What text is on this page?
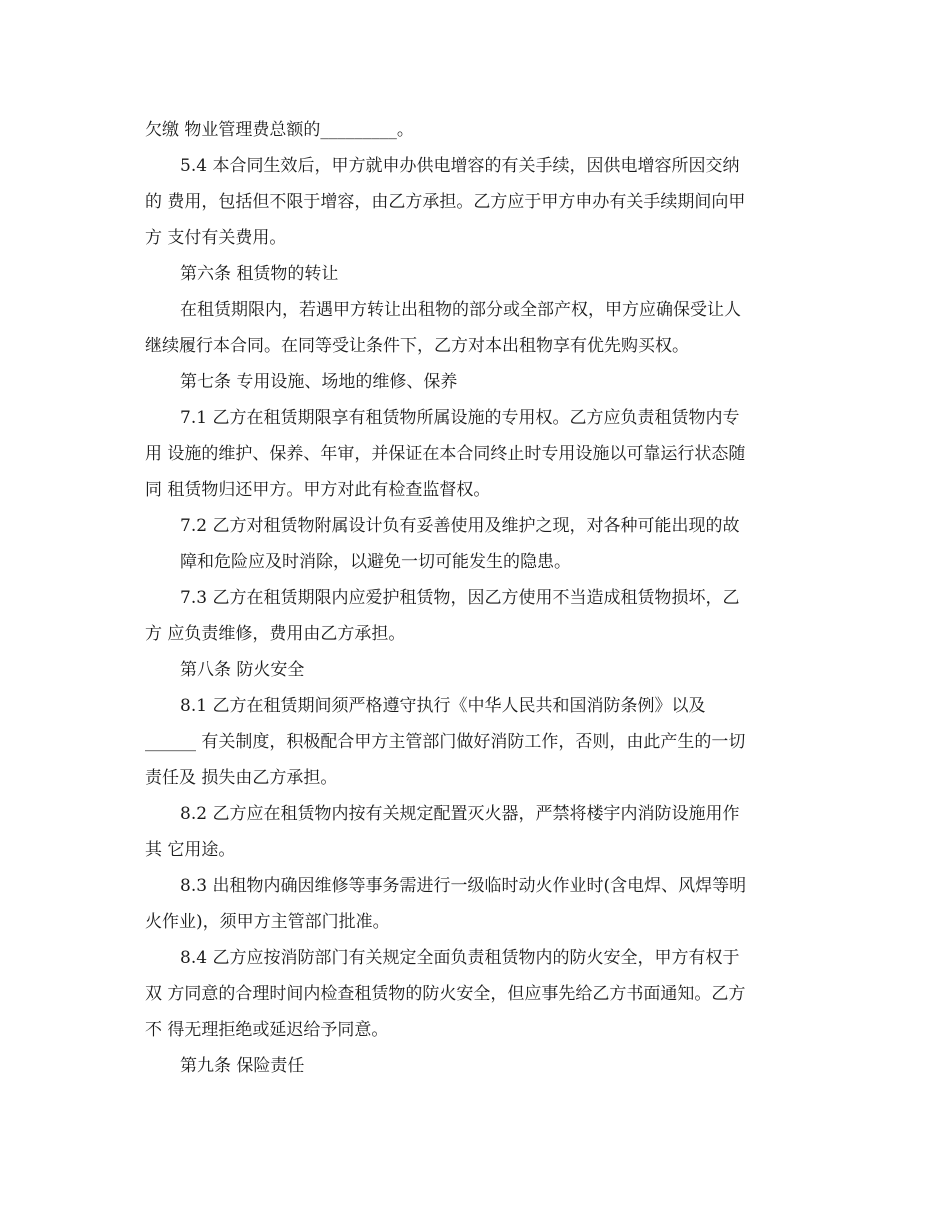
欠缴 物业管理费总额的_________。
5.4 本合同生效后，甲方就申办供电增容的有关手续，因供电增容所因交纳
的 费用，包括但不限于增容，由乙方承担。乙方应于甲方申办有关手续期间向甲
方 支付有关费用。
第六条 租赁物的转让
在租赁期限内，若遇甲方转让出租物的部分或全部产权，甲方应确保受让人
继续履行本合同。在同等受让条件下，乙方对本出租物享有优先购买权。
第七条 专用设施、场地的维修、保养
7.1 乙方在租赁期限享有租赁物所属设施的专用权。乙方应负责租赁物内专
用 设施的维护、保养、年审，并保证在本合同终止时专用设施以可靠运行状态随
同 租赁物归还甲方。甲方对此有检查监督权。
7.2 乙方对租赁物附属设计负有妥善使用及维护之现，对各种可能出现的故
障和危险应及时消除，以避免一切可能发生的隐患。
7.3 乙方在租赁期限内应爱护租赁物，因乙方使用不当造成租赁物损坏，乙
方 应负责维修，费用由乙方承担。
第八条 防火安全
8.1 乙方在租赁期间须严格遵守执行《中华人民共和国消防条例》以及
______ 有关制度，积极配合甲方主管部门做好消防工作，否则，由此产生的一切
责任及 损失由乙方承担。
8.2 乙方应在租赁物内按有关规定配置灭火器，严禁将楼宇内消防设施用作
其 它用途。
8.3 出租物内确因维修等事务需进行一级临时动火作业时(含电焊、风焊等明
火作业)，须甲方主管部门批准。
8.4 乙方应按消防部门有关规定全面负责租赁物内的防火安全，甲方有权于
双 方同意的合理时间内检查租赁物的防火安全，但应事先给乙方书面通知。乙方
不 得无理拒绝或延迟给予同意。
第九条 保险责任
